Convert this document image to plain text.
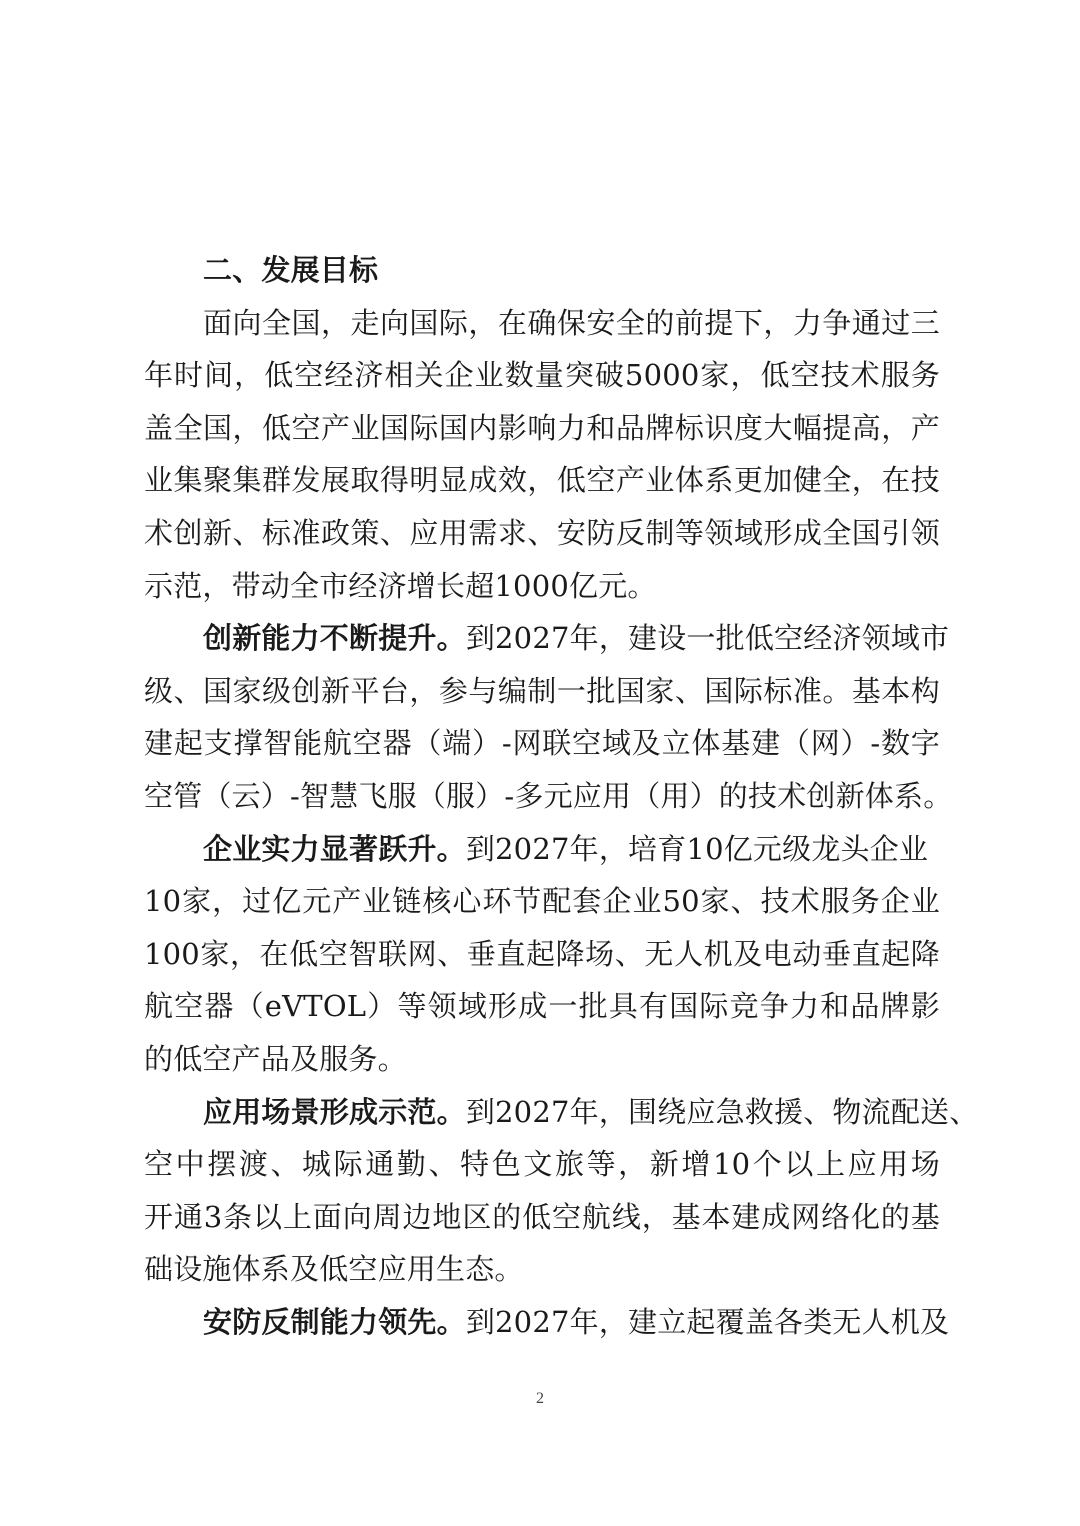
二、发展目标
面向全国，走向国际，在确保安全的前提下，力争通过三
年时间，低空经济相关企业数量突破5000家，低空技术服务
盖全国，低空产业国际国内影响力和品牌标识度大幅提高，产
业集聚集群发展取得明显成效，低空产业体系更加健全，在技
术创新、标准政策、应用需求、安防反制等领域形成全国引领
示范，带动全市经济增长超1000亿元。
创新能力不断提升。到2027年，建设一批低空经济领域市
级、国家级创新平台，参与编制一批国家、国际标准。基本构
建起支撑智能航空器（端）-网联空域及立体基建（网）-数字
空管（云）-智慧飞服（服）-多元应用（用）的技术创新体系。
企业实力显著跃升。到2027年，培育10亿元级龙头企业
10家，过亿元产业链核心环节配套企业50家、技术服务企业
100家，在低空智联网、垂直起降场、无人机及电动垂直起降
航空器（eVTOL）等领域形成一批具有国际竞争力和品牌影
的低空产品及服务。
应用场景形成示范。到2027年，围绕应急救援、物流配送、
空中摆渡、城际通勤、特色文旅等，新增10个以上应用场
开通3条以上面向周边地区的低空航线，基本建成网络化的基
础设施体系及低空应用生态。
安防反制能力领先。到2027年，建立起覆盖各类无人机及
2
